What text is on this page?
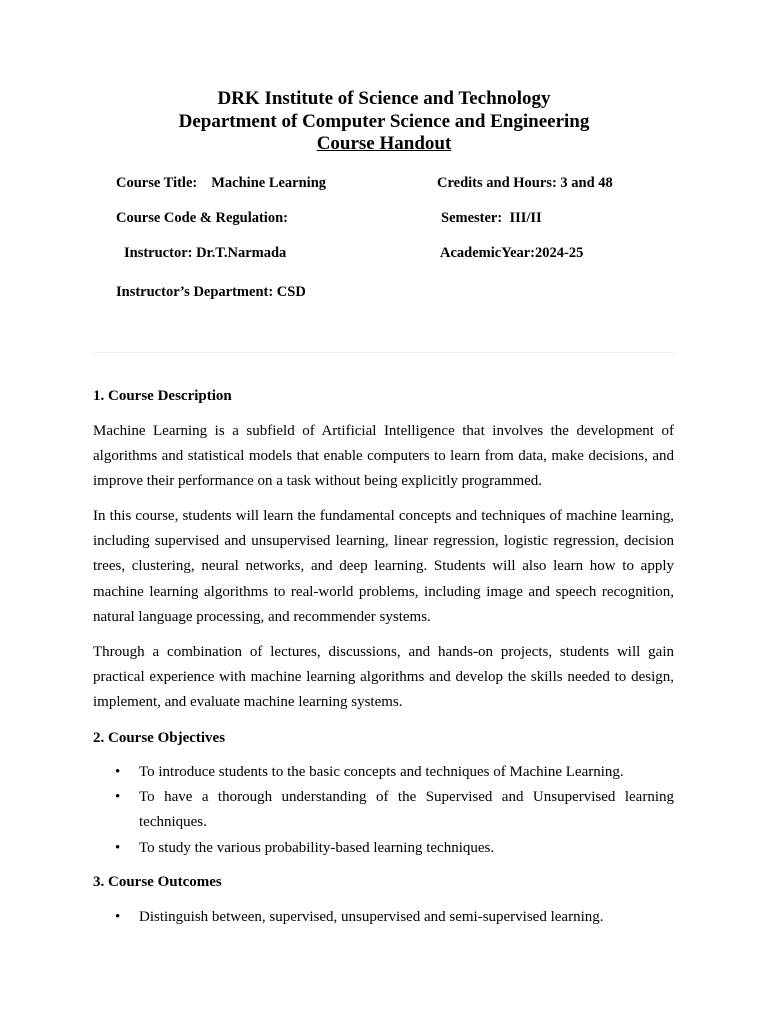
DRK Institute of Science and Technology
Department of Computer Science and Engineering
Course Handout
Course Title: Machine Learning	Credits and Hours: 3 and 48
Course Code & Regulation:	Semester: III/II
Instructor: Dr.T.Narmada	AcademicYear:2024-25
Instructor’s Department: CSD
1. Course Description

Machine Learning is a subfield of Artificial Intelligence that involves the development of algorithms and statistical models that enable computers to learn from data, make decisions, and improve their performance on a task without being explicitly programmed.

In this course, students will learn the fundamental concepts and techniques of machine learning, including supervised and unsupervised learning, linear regression, logistic regression, decision trees, clustering, neural networks, and deep learning. Students will also learn how to apply machine learning algorithms to real-world problems, including image and speech recognition, natural language processing, and recommender systems.

Through a combination of lectures, discussions, and hands-on projects, students will gain practical experience with machine learning algorithms and develop the skills needed to design, implement, and evaluate machine learning systems.

2. Course Objectives
• To introduce students to the basic concepts and techniques of Machine Learning.
• To have a thorough understanding of the Supervised and Unsupervised learning techniques.
• To study the various probability-based learning techniques.
3. Course Outcomes
• Distinguish between, supervised, unsupervised and semi-supervised learning.
